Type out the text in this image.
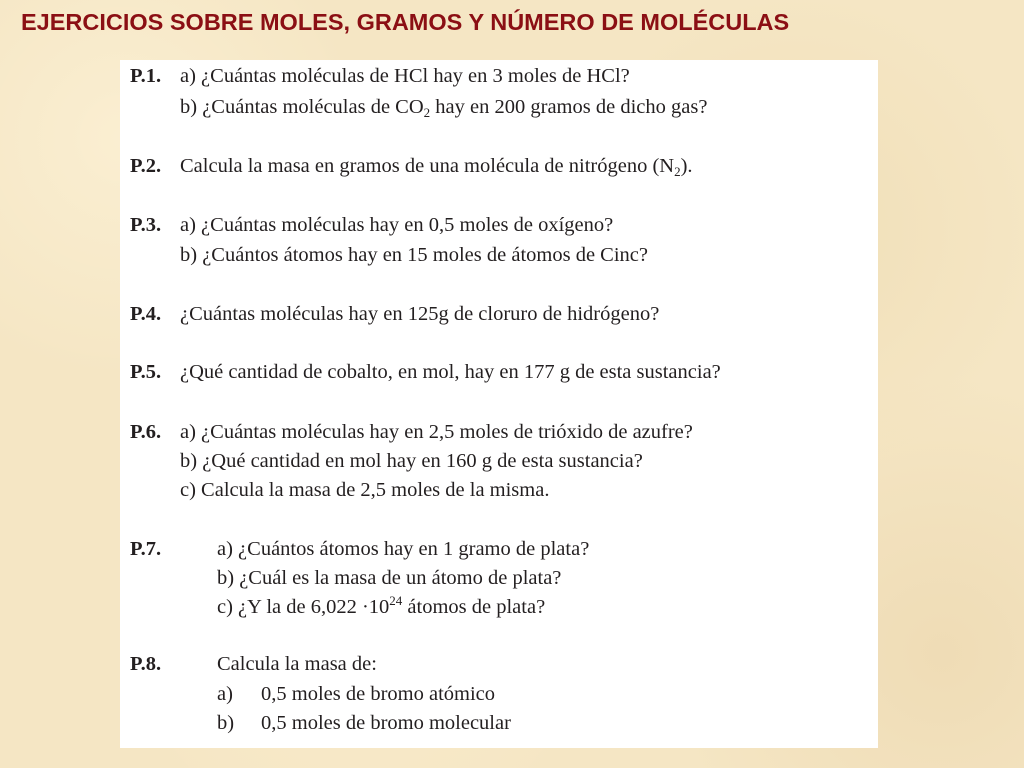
EJERCICIOS SOBRE MOLES, GRAMOS Y NÚMERO DE MOLÉCULAS
P.1. a) ¿Cuántas moléculas de HCl hay en 3 moles de HCl?
b) ¿Cuántas moléculas de $CO_2$ hay en 200 gramos de dicho gas?
P.2. Calcula la masa en gramos de una molécula de nitrógeno $(N_2)$.
P.3. a) ¿Cuántas moléculas hay en 0,5 moles de oxígeno?
b) ¿Cuántos átomos hay en 15 moles de átomos de Cinc?
P.4. ¿Cuántas moléculas hay en 125g de cloruro de hidrógeno?
P.5. ¿Qué cantidad de cobalto, en mol, hay en 177 g de esta sustancia?
P.6. a) ¿Cuántas moléculas hay en 2,5 moles de trióxido de azufre?
b) ¿Qué cantidad en mol hay en 160 g de esta sustancia?
c) Calcula la masa de 2,5 moles de la misma.
P.7.	a) ¿Cuántos átomos hay en 1 gramo de plata?
b) ¿Cuál es la masa de un átomo de plata?
c) ¿Y la de $6,022 \cdot 10^{24}$ átomos de plata?
P.8.	Calcula la masa de:
a) 0,5 moles de bromo atómico
b) 0,5 moles de bromo molecular
